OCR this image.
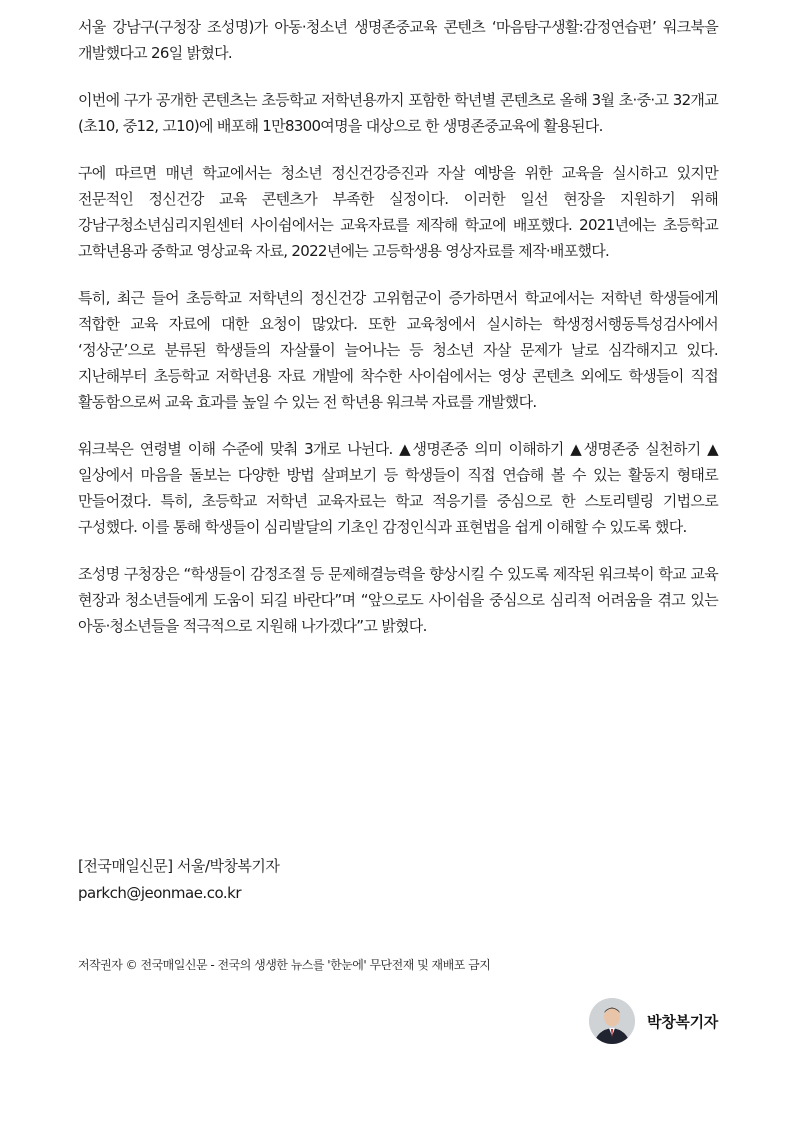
서울 강남구(구청장 조성명)가 아동·청소년 생명존중교육 콘텐츠 ‘마음탐구생활:감정연습편’ 워크북을 개발했다고 26일 밝혔다.

이번에 구가 공개한 콘텐츠는 초등학교 저학년용까지 포함한 학년별 콘텐츠로 올해 3월 초·중·고 32개교(초10, 중12, 고10)에 배포해 1만8300여명을 대상으로 한 생명존중교육에 활용된다.

구에 따르면 매년 학교에서는 청소년 정신건강증진과 자살 예방을 위한 교육을 실시하고 있지만 전문적인 정신건강 교육 콘텐츠가 부족한 실정이다. 이러한 일선 현장을 지원하기 위해 강남구청소년심리지원센터 사이쉼에서는 교육자료를 제작해 학교에 배포했다. 2021년에는 초등학교 고학년용과 중학교 영상교육 자료, 2022년에는 고등학생용 영상자료를 제작·배포했다.

특히, 최근 들어 초등학교 저학년의 정신건강 고위험군이 증가하면서 학교에서는 저학년 학생들에게 적합한 교육 자료에 대한 요청이 많았다. 또한 교육청에서 실시하는 학생정서행동특성검사에서 ‘정상군’으로 분류된 학생들의 자살률이 늘어나는 등 청소년 자살 문제가 날로 심각해지고 있다. 지난해부터 초등학교 저학년용 자료 개발에 착수한 사이쉼에서는 영상 콘텐츠 외에도 학생들이 직접 활동함으로써 교육 효과를 높일 수 있는 전 학년용 워크북 자료를 개발했다.

워크북은 연령별 이해 수준에 맞춰 3개로 나뉜다. ▲생명존중 의미 이해하기 ▲생명존중 실천하기 ▲일상에서 마음을 돌보는 다양한 방법 살펴보기 등 학생들이 직접 연습해 볼 수 있는 활동지 형태로 만들어졌다. 특히, 초등학교 저학년 교육자료는 학교 적응기를 중심으로 한 스토리텔링 기법으로 구성했다. 이를 통해 학생들이 심리발달의 기초인 감정인식과 표현법을 쉽게 이해할 수 있도록 했다.

조성명 구청장은 “학생들이 감정조절 등 문제해결능력을 향상시킬 수 있도록 제작된 워크북이 학교 교육 현장과 청소년들에게 도움이 되길 바란다”며 “앞으로도 사이쉼을 중심으로 심리적 어려움을 겪고 있는 아동·청소년들을 적극적으로 지원해 나가겠다”고 밝혔다.

[전국매일신문] 서울/박창복기자
parkch@jeonmae.co.kr
저작권자 © 전국매일신문 - 전국의 생생한 뉴스를 '한눈에' 무단전재 및 재배포 금지
박창복기자
